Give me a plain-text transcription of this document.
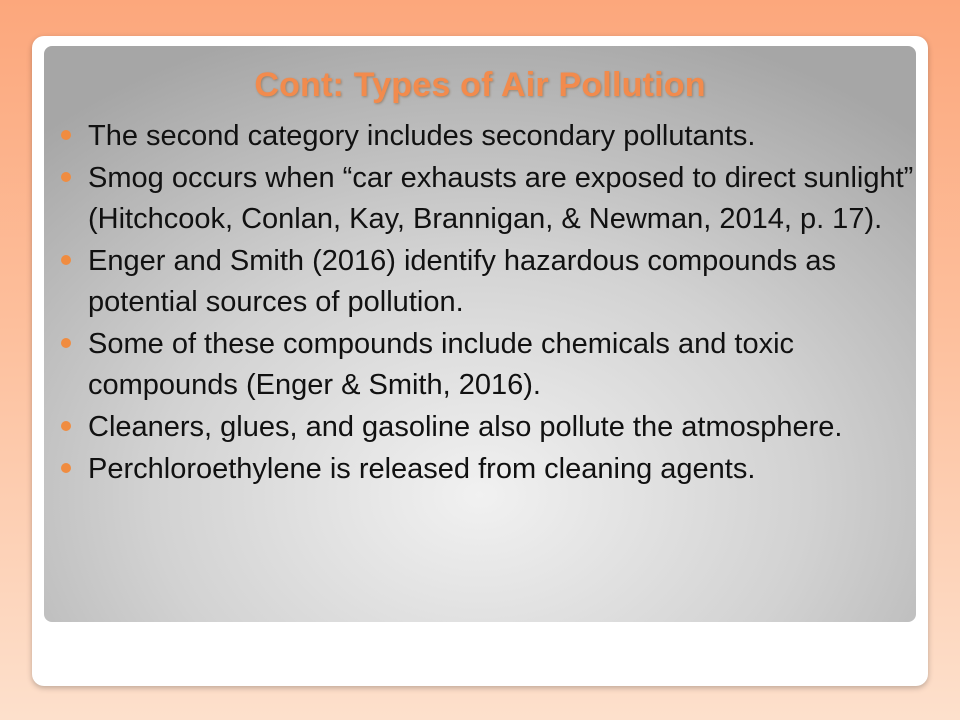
Cont: Types of Air Pollution
The second category includes secondary pollutants.
Smog occurs when “car exhausts are exposed to direct sunlight” (Hitchcook, Conlan, Kay, Brannigan, & Newman, 2014, p. 17).
Enger and Smith (2016) identify hazardous compounds as potential sources of pollution.
Some of these compounds include chemicals and toxic compounds (Enger & Smith, 2016).
Cleaners, glues, and gasoline also pollute the atmosphere.
Perchloroethylene is released from cleaning agents.
